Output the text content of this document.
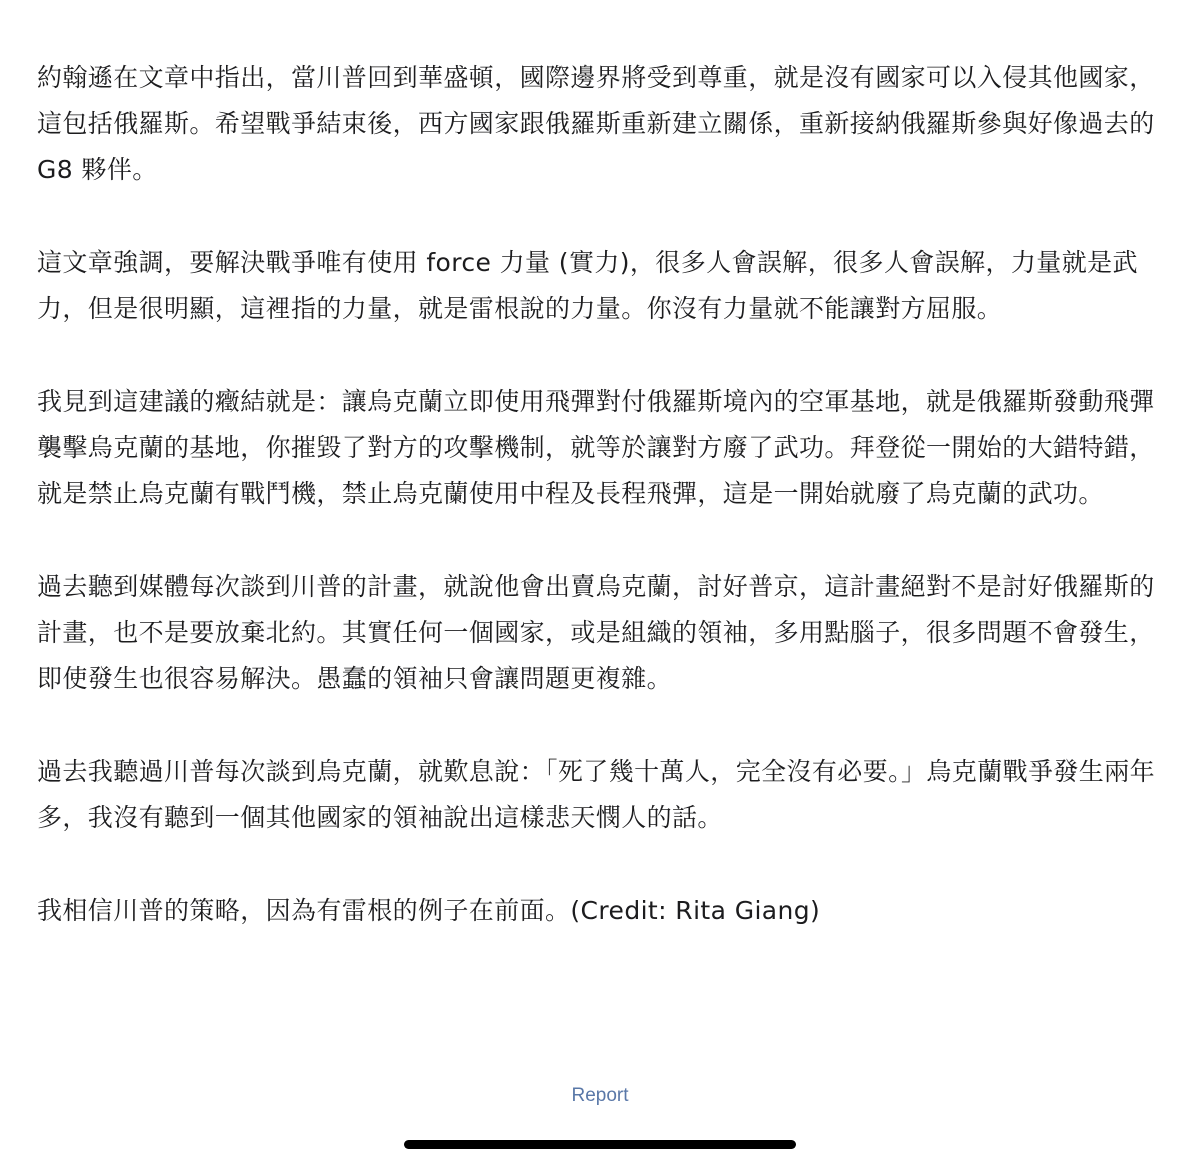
約翰遜在文章中指出，當川普回到華盛頓，國際邊界將受到尊重，就是沒有國家可以入侵其他國家，這包括俄羅斯。希望戰爭結束後，西方國家跟俄羅斯重新建立關係，重新接納俄羅斯參與好像過去的G8 夥伴。

這文章強調，要解決戰爭唯有使用 force 力量 (實力)，很多人會誤解，很多人會誤解，力量就是武力，但是很明顯，這裡指的力量，就是雷根說的力量。你沒有力量就不能讓對方屈服。

我見到這建議的癥結就是：讓烏克蘭立即使用飛彈對付俄羅斯境內的空軍基地，就是俄羅斯發動飛彈襲擊烏克蘭的基地，你摧毀了對方的攻擊機制，就等於讓對方廢了武功。拜登從一開始的大錯特錯，就是禁止烏克蘭有戰鬥機，禁止烏克蘭使用中程及長程飛彈，這是一開始就廢了烏克蘭的武功。

過去聽到媒體每次談到川普的計畫，就說他會出賣烏克蘭，討好普京，這計畫絕對不是討好俄羅斯的計畫，也不是要放棄北約。其實任何一個國家，或是組織的領袖，多用點腦子，很多問題不會發生，即使發生也很容易解決。愚蠢的領袖只會讓問題更複雜。

過去我聽過川普每次談到烏克蘭，就歎息說：「死了幾十萬人，完全沒有必要。」烏克蘭戰爭發生兩年多，我沒有聽到一個其他國家的領袖說出這樣悲天憫人的話。

我相信川普的策略，因為有雷根的例子在前面。(Credit: Rita Giang)

Report
